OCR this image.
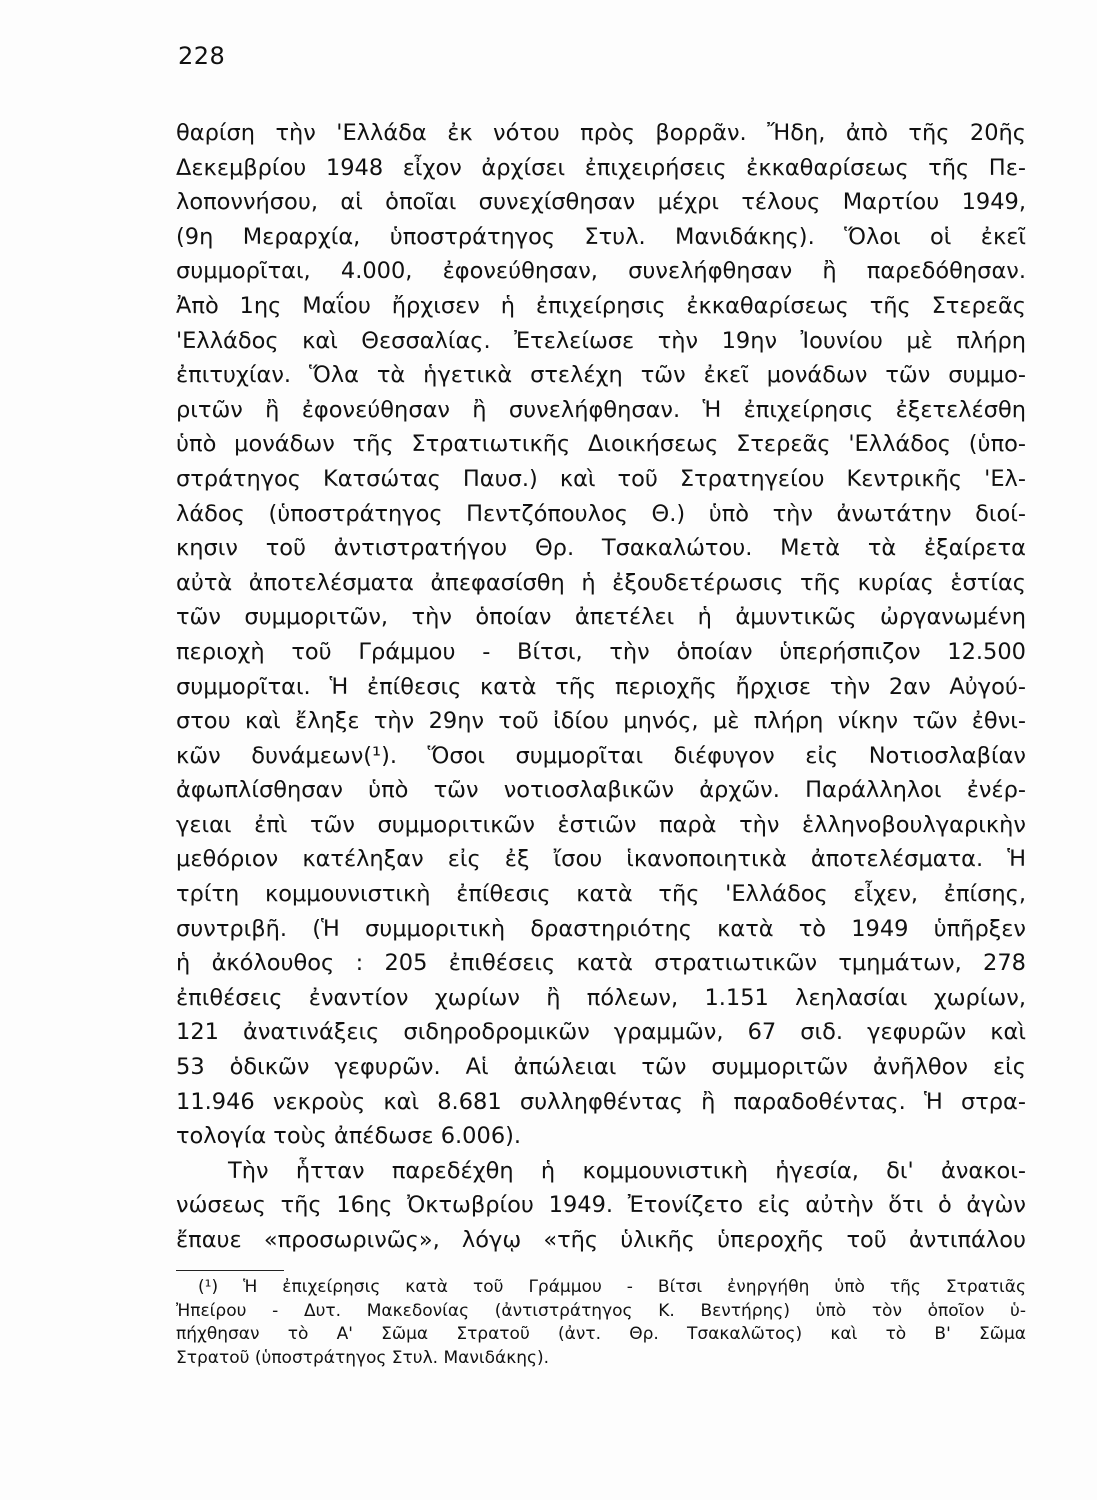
228
θαρίση τὴν 'Ελλάδα ἐκ νότου πρὸς βορρᾶν. Ἤδη, ἀπὸ τῆς 20ῆς
Δεκεμβρίου 1948 εἶχον ἀρχίσει ἐπιχειρήσεις ἐκκαθαρίσεως τῆς Πε-
λοποννήσου, αἱ ὁποῖαι συνεχίσθησαν μέχρι τέλους Μαρτίου 1949,
(9η Μεραρχία, ὑποστράτηγος Στυλ. Μανιδάκης). Ὅλοι οἱ ἐκεῖ
συμμορῖται, 4.000, ἐφονεύθησαν, συνελήφθησαν ἢ παρεδόθησαν.
Ἀπὸ 1ης Μαΐου ἤρχισεν ἡ ἐπιχείρησις ἐκκαθαρίσεως τῆς Στερεᾶς
'Ελλάδος καὶ Θεσσαλίας. Ἐτελείωσε τὴν 19ην Ἰουνίου μὲ πλήρη
ἐπιτυχίαν. Ὅλα τὰ ἡγετικὰ στελέχη τῶν ἐκεῖ μονάδων τῶν συμμο-
ριτῶν ἢ ἐφονεύθησαν ἢ συνελήφθησαν. Ἡ ἐπιχείρησις ἐξετελέσθη
ὑπὸ μονάδων τῆς Στρατιωτικῆς Διοικήσεως Στερεᾶς 'Ελλάδος (ὑπο-
στράτηγος Κατσώτας Παυσ.) καὶ τοῦ Στρατηγείου Κεντρικῆς 'Ελ-
λάδος (ὑποστράτηγος Πεντζόπουλος Θ.) ὑπὸ τὴν ἀνωτάτην διοί-
κησιν τοῦ ἀντιστρατήγου Θρ. Τσακαλώτου. Μετὰ τὰ ἐξαίρετα
αὐτὰ ἀποτελέσματα ἀπεφασίσθη ἡ ἐξουδετέρωσις τῆς κυρίας ἑστίας
τῶν συμμοριτῶν, τὴν ὁποίαν ἀπετέλει ἡ ἀμυντικῶς ὠργανωμένη
περιοχὴ τοῦ Γράμμου - Βίτσι, τὴν ὁποίαν ὑπερήσπιζον 12.500
συμμορῖται. Ἡ ἐπίθεσις κατὰ τῆς περιοχῆς ἤρχισε τὴν 2αν Αὐγού-
στου καὶ ἔληξε τὴν 29ην τοῦ ἰδίου μηνός, μὲ πλήρη νίκην τῶν ἐθνι-
κῶν δυνάμεων(¹). Ὅσοι συμμορῖται διέφυγον εἰς Νοτιοσλαβίαν
ἀφωπλίσθησαν ὑπὸ τῶν νοτιοσλαβικῶν ἀρχῶν. Παράλληλοι ἐνέρ-
γειαι ἐπὶ τῶν συμμοριτικῶν ἑστιῶν παρὰ τὴν ἑλληνοβουλγαρικὴν
μεθόριον κατέληξαν εἰς ἐξ ἴσου ἱκανοποιητικὰ ἀποτελέσματα. Ἡ
τρίτη κομμουνιστικὴ ἐπίθεσις κατὰ τῆς 'Ελλάδος εἶχεν, ἐπίσης,
συντριβῆ. (Ἡ συμμοριτικὴ δραστηριότης κατὰ τὸ 1949 ὑπῆρξεν
ἡ ἀκόλουθος : 205 ἐπιθέσεις κατὰ στρατιωτικῶν τμημάτων, 278
ἐπιθέσεις ἐναντίον χωρίων ἢ πόλεων, 1.151 λεηλασίαι χωρίων,
121 ἀνατινάξεις σιδηροδρομικῶν γραμμῶν, 67 σιδ. γεφυρῶν καὶ
53 ὁδικῶν γεφυρῶν. Αἱ ἀπώλειαι τῶν συμμοριτῶν ἀνῆλθον εἰς
11.946 νεκροὺς καὶ 8.681 συλληφθέντας ἢ παραδοθέντας. Ἡ στρα-
τολογία τοὺς ἀπέδωσε 6.006).
Τὴν ἧτταν παρεδέχθη ἡ κομμουνιστικὴ ἡγεσία, δι' ἀνακοι-
νώσεως τῆς 16ης Ὀκτωβρίου 1949. Ἐτονίζετο εἰς αὐτὴν ὅτι ὁ ἀγὼν
ἔπαυε «προσωρινῶς», λόγῳ «τῆς ὑλικῆς ὑπεροχῆς τοῦ ἀντιπάλου
(¹) Ἡ ἐπιχείρησις κατὰ τοῦ Γράμμου - Βίτσι ἐνηργήθη ὑπὸ τῆς Στρατιᾶς
Ἠπείρου - Δυτ. Μακεδονίας (ἀντιστράτηγος Κ. Βεντήρης) ὑπὸ τὸν ὁποῖον ὑ-
πήχθησαν τὸ Α' Σῶμα Στρατοῦ (ἀντ. Θρ. Τσακαλῶτος) καὶ τὸ Β' Σῶμα
Στρατοῦ (ὑποστράτηγος Στυλ. Μανιδάκης).
